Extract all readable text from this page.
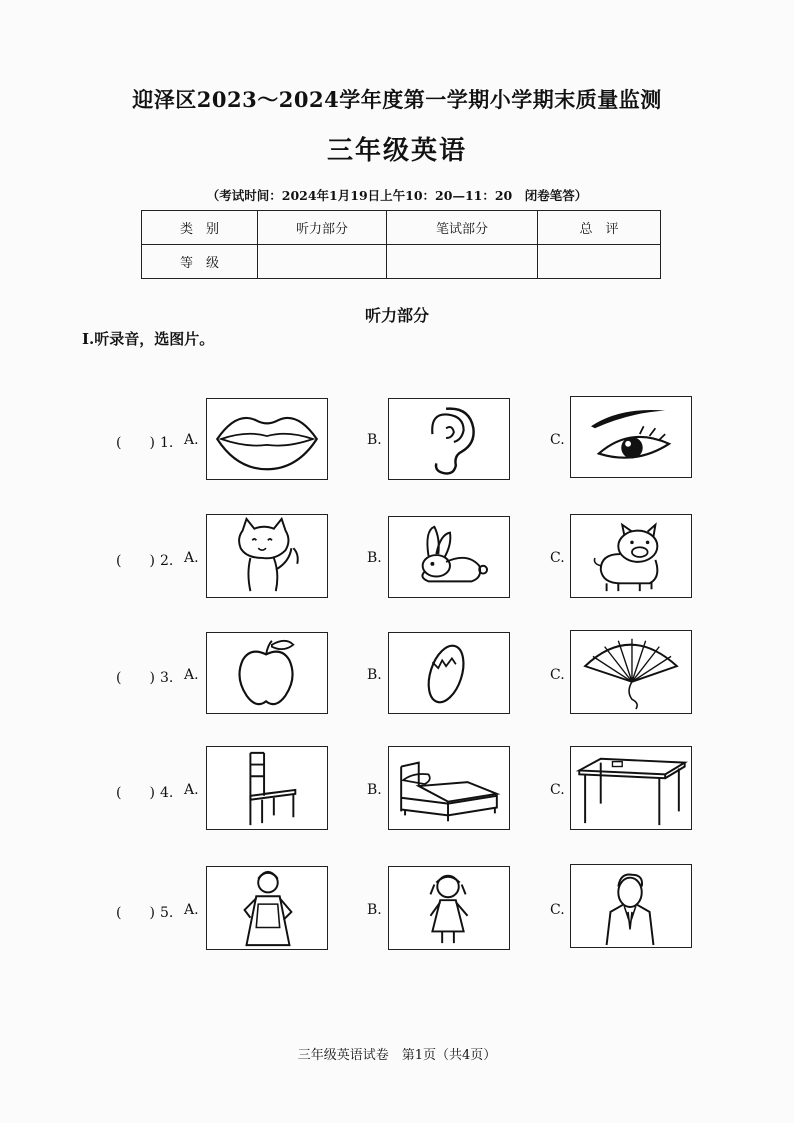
迎泽区2023～2024学年度第一学期小学期末质量监测
三年级英语
（考试时间：2024年1月19日上午10：20—11：20　闭卷笔答）
类　别	听力部分	笔试部分	总　评
等　级			
听力部分
Ⅰ.听录音，选图片。
(　　) 1. A.	B.	C.
(　　) 2. A.	B.	C.
(　　) 3. A.	B.	C.
(　　) 4. A.	B.	C.
(　　) 5. A.	B.	C.
三年级英语试卷　第1页（共4页）
